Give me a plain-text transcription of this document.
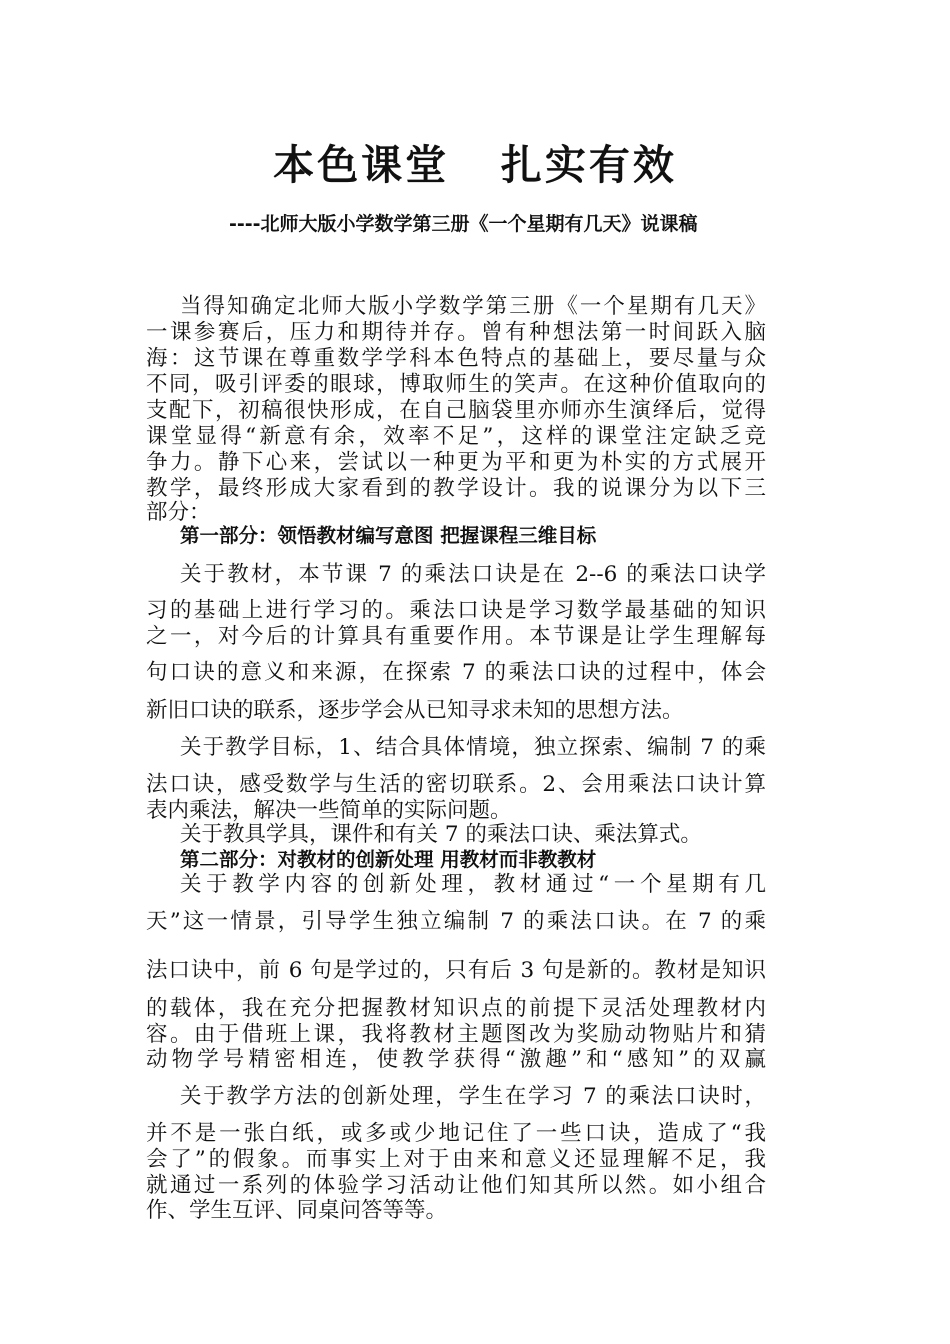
本色课堂   扎实有效
----北师大版小学数学第三册《一个星期有几天》说课稿
当得知确定北师大版小学数学第三册《一个星期有几天》
一课参赛后，压力和期待并存。曾有种想法第一时间跃入脑
海：这节课在尊重数学学科本色特点的基础上，要尽量与众
不同，吸引评委的眼球，博取师生的笑声。在这种价值取向的
支配下，初稿很快形成，在自己脑袋里亦师亦生演绎后，觉得
课堂显得“新意有余，效率不足”，这样的课堂注定缺乏竞
争力。静下心来，尝试以一种更为平和更为朴实的方式展开
教学，最终形成大家看到的教学设计。我的说课分为以下三
部分：
第一部分：领悟教材编写意图 把握课程三维目标
关于教材，本节课 7 的乘法口诀是在 2--6 的乘法口诀学
习的基础上进行学习的。乘法口诀是学习数学最基础的知识
之一，对今后的计算具有重要作用。本节课是让学生理解每
句口诀的意义和来源，在探索 7 的乘法口诀的过程中，体会
新旧口诀的联系，逐步学会从已知寻求未知的思想方法。
关于教学目标，1、结合具体情境，独立探索、编制 7 的乘
法口诀，感受数学与生活的密切联系。2、会用乘法口诀计算
表内乘法，解决一些简单的实际问题。
关于教具学具，课件和有关 7 的乘法口诀、乘法算式。
第二部分：对教材的创新处理 用教材而非教教材
关于教学内容的创新处理，教材通过“一个星期有几
天”这一情景，引导学生独立编制 7 的乘法口诀。在 7 的乘
法口诀中，前 6 句是学过的，只有后 3 句是新的。教材是知识
的载体，我在充分把握教材知识点的前提下灵活处理教材内
容。由于借班上课，我将教材主题图改为奖励动物贴片和猜
动物学号精密相连，使教学获得“激趣”和“感知”的双赢
关于教学方法的创新处理，学生在学习 7 的乘法口诀时，
并不是一张白纸，或多或少地记住了一些口诀，造成了“我
会了”的假象。而事实上对于由来和意义还显理解不足，我
就通过一系列的体验学习活动让他们知其所以然。如小组合
作、学生互评、同桌问答等等。
